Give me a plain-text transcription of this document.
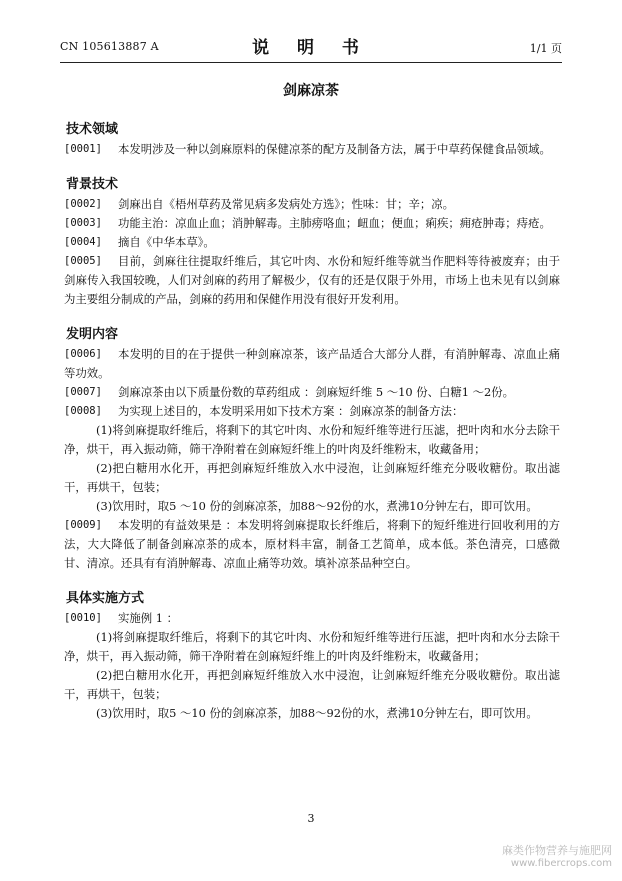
CN 105613887 A	说 明 书	1/1 页
剑麻凉茶
技术领域
[0001]	本发明涉及一种以剑麻原料的保健凉茶的配方及制备方法，属于中草药保健食品领域。
背景技术
[0002]	剑麻出自《梧州草药及常见病多发病处方选》；性味：甘；辛；凉。
[0003]	功能主治：凉血止血；消肿解毒。主肺痨咯血；衄血；便血；痢疾；痈疮肿毒；痔疮。
[0004]	摘自《中华本草》。
[0005]	目前，剑麻往往提取纤维后，其它叶肉、水份和短纤维等就当作肥料等待被废弃；由于剑麻传入我国较晚，人们对剑麻的药用了解极少，仅有的还是仅限于外用，市场上也未见有以剑麻为主要组分制成的产品，剑麻的药用和保健作用没有很好开发利用。
发明内容
[0006]	本发明的目的在于提供一种剑麻凉茶，该产品适合大部分人群，有消肿解毒、凉血止痛等功效。
[0007]	剑麻凉茶由以下质量份数的草药组成 ：剑麻短纤维 5 ～10 份、白糖1 ～2份。
[0008]	为实现上述目的，本发明采用如下技术方案 ：剑麻凉茶的制备方法：
(1)将剑麻提取纤维后，将剩下的其它叶肉、水份和短纤维等进行压滤，把叶肉和水分去除干净，烘干，再入振动筛，筛干净附着在剑麻短纤维上的叶肉及纤维粉末，收藏备用；
(2)把白糖用水化开，再把剑麻短纤维放入水中浸泡，让剑麻短纤维充分吸收糖份。取出滤干，再烘干，包装；
(3)饮用时，取5 ～10 份的剑麻凉茶，加88～92份的水，煮沸10分钟左右，即可饮用。
[0009]	本发明的有益效果是 ：本发明将剑麻提取长纤维后，将剩下的短纤维进行回收利用的方法，大大降低了制备剑麻凉茶的成本，原材料丰富，制备工艺简单，成本低。茶色清亮，口感微甘、清凉。还具有有消肿解毒、凉血止痛等功效。填补凉茶品种空白。
具体实施方式
[0010]	实施例 1 ：
(1)将剑麻提取纤维后，将剩下的其它叶肉、水份和短纤维等进行压滤，把叶肉和水分去除干净，烘干，再入振动筛，筛干净附着在剑麻短纤维上的叶肉及纤维粉末，收藏备用；
(2)把白糖用水化开，再把剑麻短纤维放入水中浸泡，让剑麻短纤维充分吸收糖份。取出滤干，再烘干，包装；
(3)饮用时，取5 ～10 份的剑麻凉茶，加88～92份的水，煮沸10分钟左右，即可饮用。
3
麻类作物营养与施肥网
www.fibercrops.com
